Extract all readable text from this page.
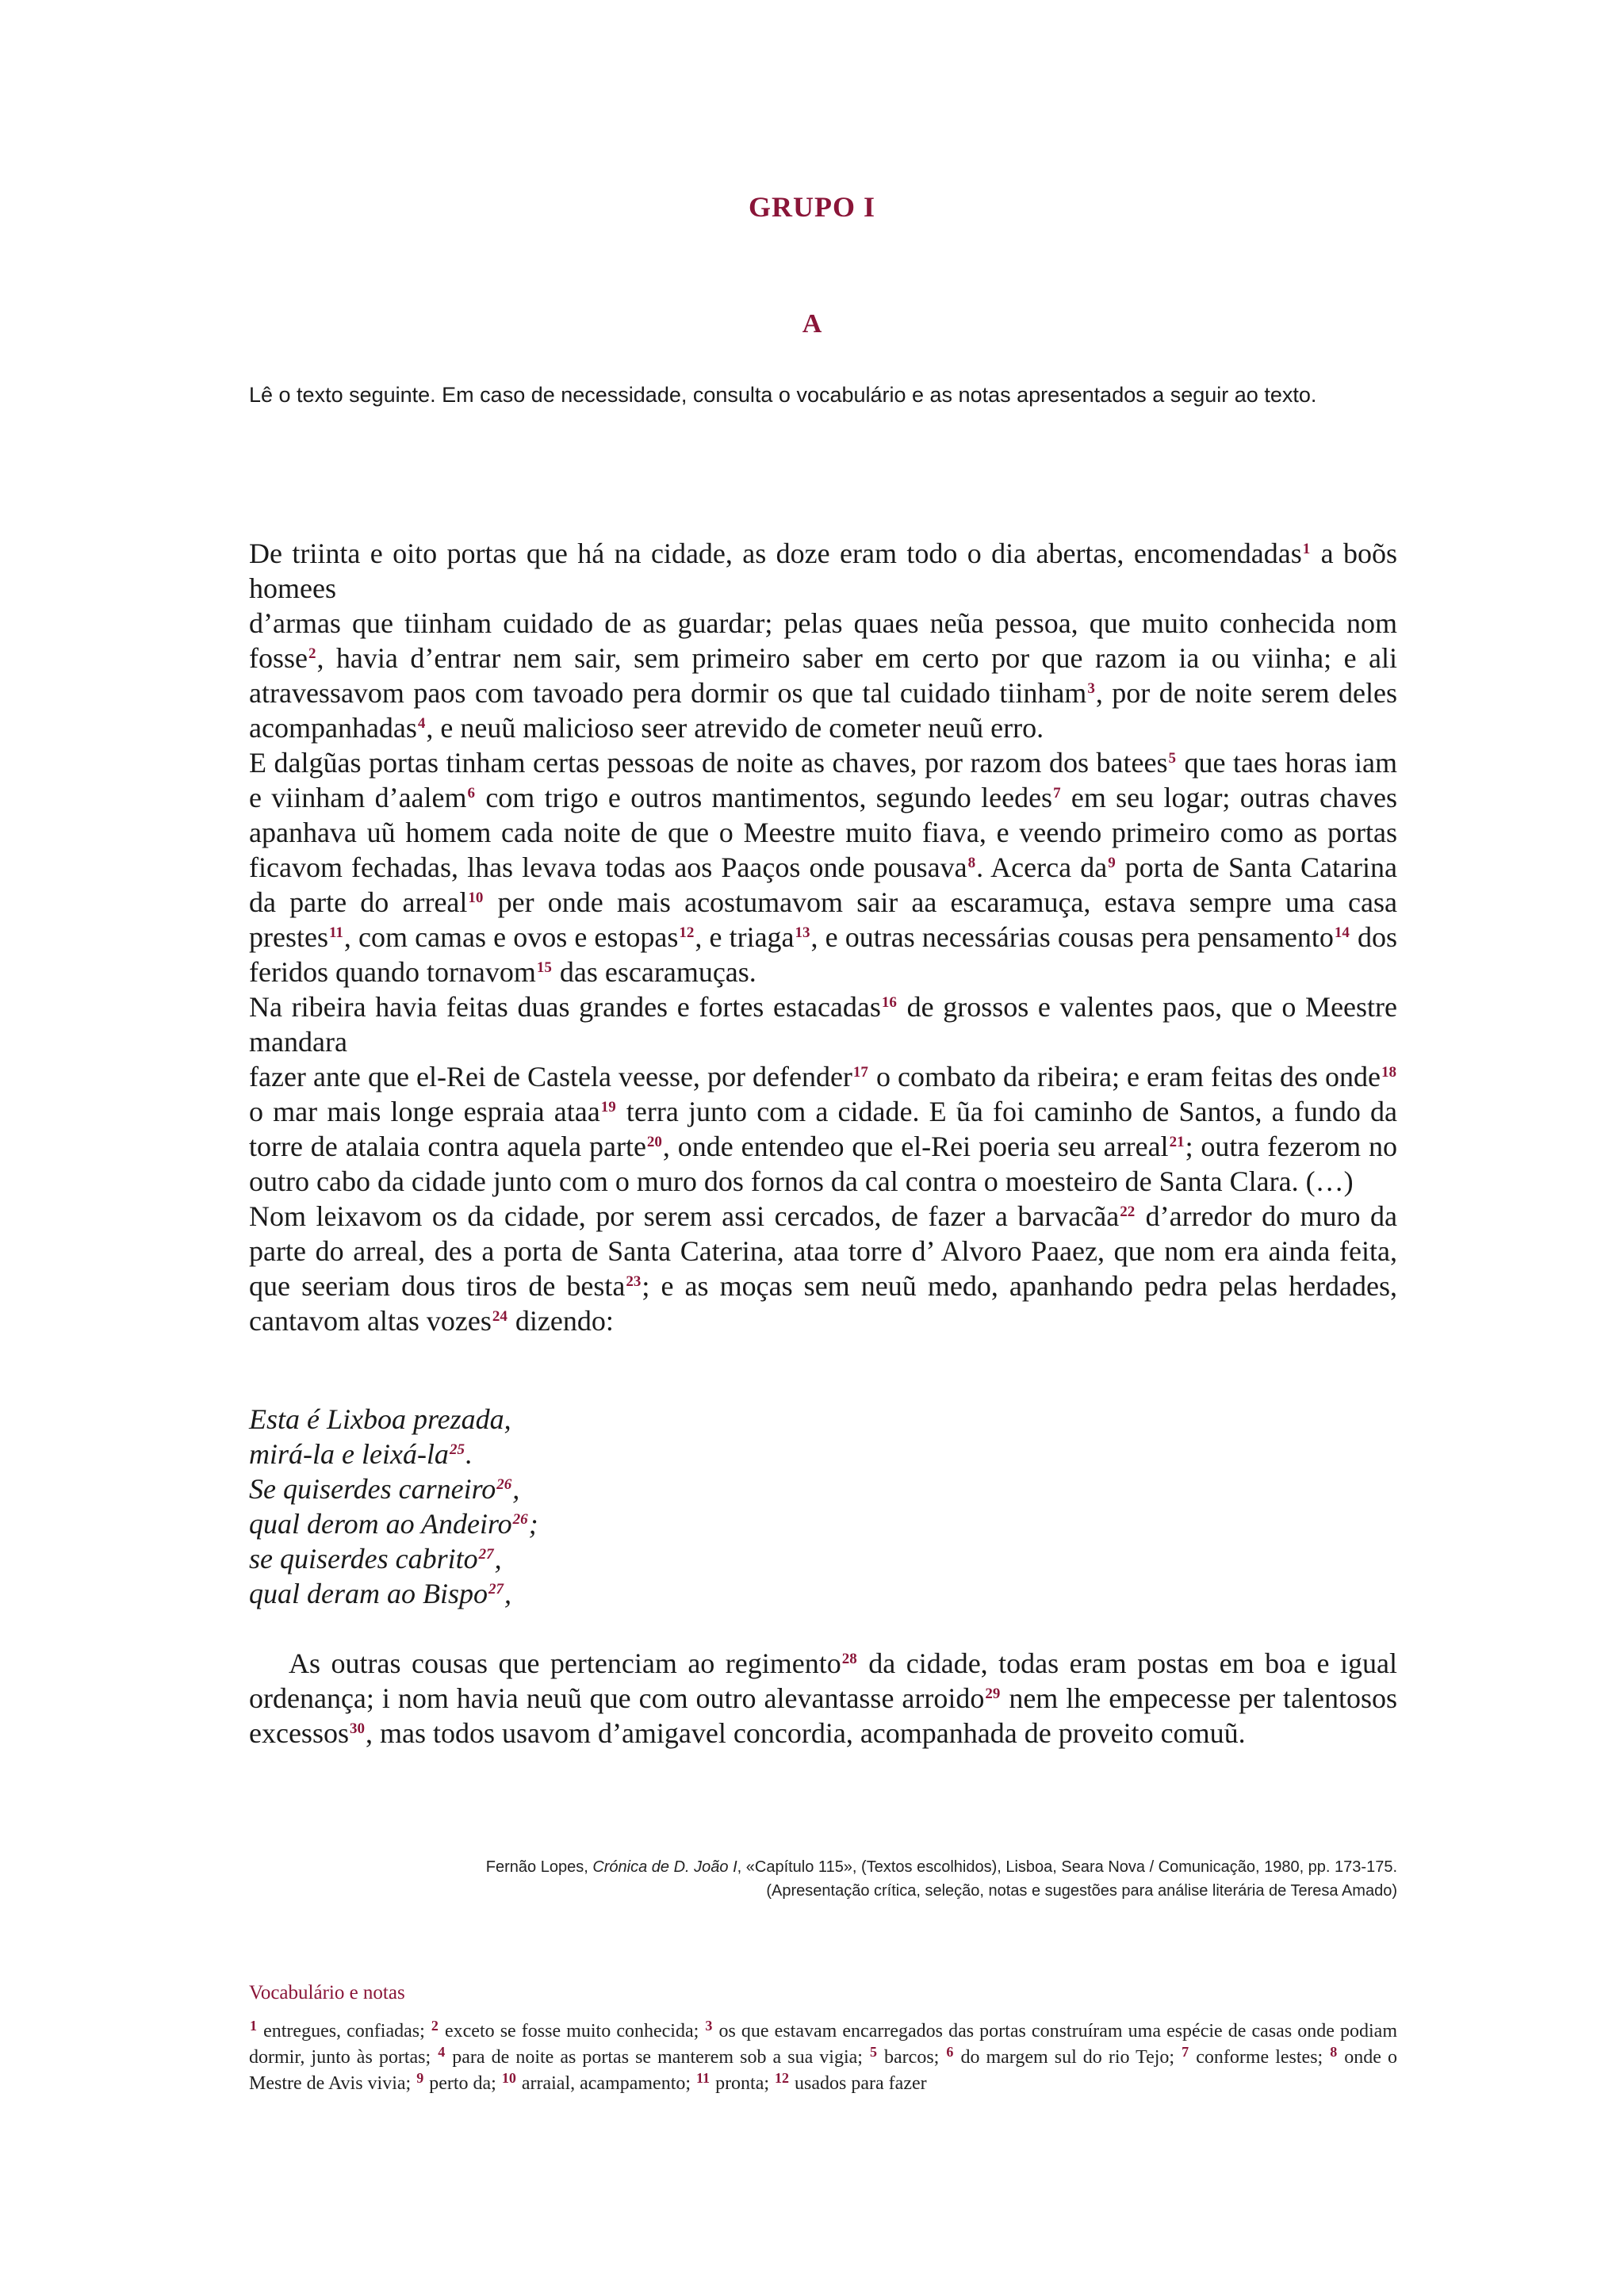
GRUPO I
A
Lê o texto seguinte. Em caso de necessidade, consulta o vocabulário e as notas apresentados a seguir ao texto.

De triinta e oito portas que há na cidade, as doze eram todo o dia abertas, encomendadas$^1$ a boõs homees
d’armas que tiinham cuidado de as guardar; pelas quaes neũa pessoa, que muito conhecida nom fosse$^2$, havia d’entrar nem sair, sem primeiro saber em certo por que razom ia ou viinha; e ali atravessavom paos com tavoado pera dormir os que tal cuidado tiinham$^3$, por de noite serem deles acompanhadas$^4$, e neuũ malicioso seer atrevido de cometer neuũ erro.

E dalgũas portas tinham certas pessoas de noite as chaves, por razom dos batees$^5$ que taes horas iam e viinham d’aalem$^6$ com trigo e outros mantimentos, segundo leedes$^7$ em seu logar; outras chaves apanhava uũ homem cada noite de que o Meestre muito fiava, e veendo primeiro como as portas ficavom fechadas, lhas levava todas aos Paaços onde pousava$^8$. Acerca $da^9$ porta de Santa Catarina da parte do arreal$^{10}$ per onde mais acostumavom sair aa escaramuça, estava sempre uma casa prestes$^{11}$, com camas e ovos e estopas$^{12}$, e triaga$^{13}$, e outras necessárias cousas pera pensamento$^{14}$ dos feridos quando tornavom$^{15}$ das escaramuças.

Na ribeira havia feitas duas grandes e fortes estacadas$^{16}$ de grossos e valentes paos, que o Meestre mandara
fazer ante que el-Rei de Castela veesse, por defender$^{17}$ o combato da ribeira; e eram feitas des onde$^{18}$ o mar mais longe espraia ataa$^{19}$ terra junto com a cidade. E ũa foi caminho de Santos, a fundo da torre de atalaia contra aquela parte$^{20}$, onde entendeo que el-Rei poeria seu arreal$^{21}$; outra fezerom no outro cabo da cidade junto com o muro dos fornos da cal contra o moesteiro de Santa Clara. (…)

Nom leixavom os da cidade, por serem assi cercados, de fazer a barvacãa$^{22}$ d’arredor do muro da parte do arreal, des a porta de Santa Caterina, ataa torre d’ Alvoro Paaez, que nom era ainda feita, que seeriam dous tiros de besta$^{23}$; e as moças sem neuũ medo, apanhando pedra pelas herdades, cantavom altas vozes$^{24}$ dizendo:

Esta é Lixboa prezada,
mirá-la e leixá-$la^{25}$.
Se quiserdes carneiro$^{26}$,
qual derom ao Andeiro$^{26}$;
se quiserdes cabrito$^{27}$,
qual deram ao Bispo$^{27}$,
As outras cousas que pertenciam ao regimento$^{28}$ da cidade, todas eram postas em boa e igual ordenança; i nom havia neuũ que com outro alevantasse arroido$^{29}$ nem lhe empecesse per talentosos excessos$^{30}$, mas todos usavom d’amigavel concordia, acompanhada de proveito comuũ.
Fernão Lopes, Crónica de D. João I, «Capítulo 115», (Textos escolhidos), Lisboa, Seara Nova / Comunicação, 1980, pp. 173-175.
(Apresentação crítica, seleção, notas e sugestões para análise literária de Teresa Amado)
Vocabulário e notas
$^1$ entregues, confiadas; $^2$ exceto se fosse muito conhecida; $^3$ os que estavam encarregados das portas construíram uma espécie de casas onde podiam dormir, junto às portas; $^4$ para de noite as portas se manterem sob a sua vigia; $^5$ barcos; $^6$ do margem sul do rio Tejo; $^7$ conforme lestes; $^8$ onde o Mestre de Avis vivia; $^9$ perto da; $^{10}$ arraial, acampamento; $^{11}$ pronta; $^{12}$ usados para fazer
